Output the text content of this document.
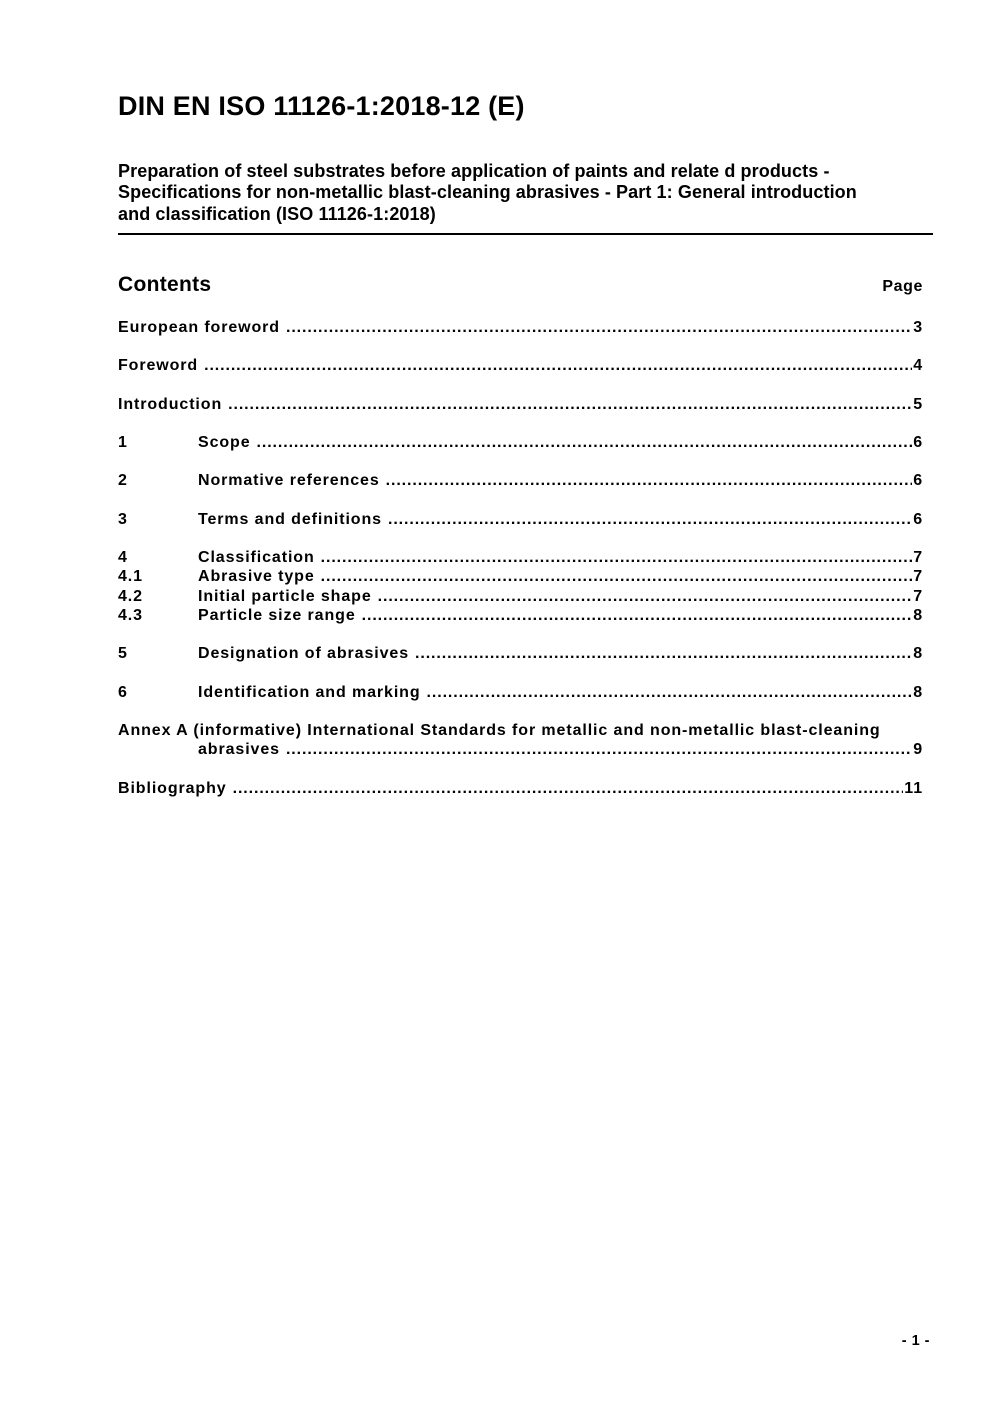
DIN EN ISO 11126-1:2018-12 (E)
Preparation of steel substrates before application of paints and relate d products -
Specifications for non-metallic blast-cleaning abrasives - Part 1: General introduction
and classification (ISO 11126-1:2018)
Contents	Page
European foreword .....	3
Foreword .....	4
Introduction .....	5
1	Scope .....	6
2	Normative references .....	6
3	Terms and definitions .....	6
4	Classification .....	7
4.1	Abrasive type .....	7
4.2	Initial particle shape .....	7
4.3	Particle size range .....	8
5	Designation of abrasives .....	8
6	Identification and marking .....	8
Annex A (informative) International Standards for metallic and non-metallic blast-cleaning
abrasives .....	9
Bibliography .....	11
- 1 -
